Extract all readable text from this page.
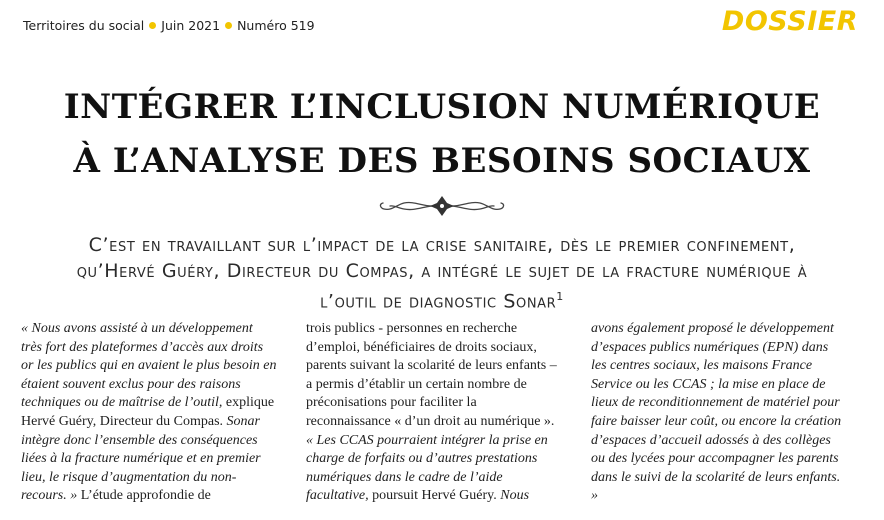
Territoires du social Juin 2021 Numéro 519	DOSSIER
INTÉGRER L’INCLUSION NUMÉRIQUE
À L’ANALYSE DES BESOINS SOCIAUX

C’est en travaillant sur l’impact de la crise sanitaire, dès le premier confinement, qu’Hervé Guéry, Directeur du Compas, a intégré le sujet de la fracture numérique à l’outil de diagnostic Sonar$^1$

« Nous avons assisté à un développement très fort des plateformes d’accès aux droits or les publics qui en avaient le plus besoin en étaient souvent exclus pour des raisons techniques ou de maîtrise de l’outil, explique Hervé Guéry, Directeur du Compas. Sonar intègre donc l’ensemble des conséquences liées à la fracture numérique et en premier lieu, le risque d’augmentation du non-recours. » L’étude approfondie de

trois publics - personnes en recherche d’emploi, bénéficiaires de droits sociaux, parents suivant la scolarité de leurs enfants – a permis d’établir un certain nombre de préconisations pour faciliter la reconnaissance « d’un droit au numérique ». « Les CCAS pourraient intégrer la prise en charge de forfaits ou d’autres prestations numériques dans le cadre de l’aide facultative, poursuit Hervé Guéry. Nous

avons également proposé le développement d’espaces publics numériques (EPN) dans les centres sociaux, les maisons France Service ou les CCAS ; la mise en place de lieux de reconditionnement de matériel pour faire baisser leur coût, ou encore la création d’espaces d’accueil adossés à des collèges ou des lycées pour accompagner les parents dans le suivi de la scolarité de leurs enfants. »
